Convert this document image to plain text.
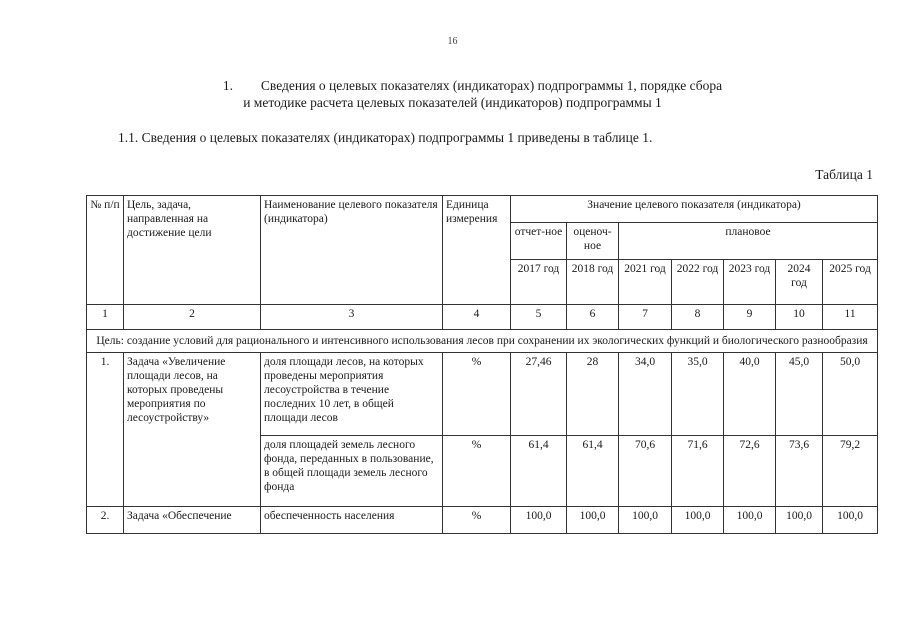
16
1. Сведения о целевых показателях (индикаторах) подпрограммы 1, порядке сбора
и методике расчета целевых показателей (индикаторов) подпрограммы 1
1.1. Сведения о целевых показателях (индикаторах) подпрограммы 1 приведены в таблице 1.
Таблица 1
№ п/п	Цель, задача, направленная на достижение цели	Наименование целевого показателя (индикатора)	Единица измерения	Значение целевого показателя (индикатора)						
				отчет-ное	оценоч-ное	плановое				
				2017 год	2018 год	2021 год	2022 год	2023 год	2024 год	2025 год
1	2	3	4	5	6	7	8	9	10	11
Цель: создание условий для рационального и интенсивного использования лесов при сохранении их экологических функций и биологического разнообразия										
1.	Задача «Увеличение площади лесов, на которых проведены мероприятия по лесоустройству»	доля площади лесов, на которых проведены мероприятия лесоустройства в течение последних 10 лет, в общей площади лесов	%	27,46	28	34,0	35,0	40,0	45,0	50,0
		доля площадей земель лесного фонда, переданных в пользование, в общей площади земель лесного фонда	%	61,4	61,4	70,6	71,6	72,6	73,6	79,2
2.	Задача «Обеспечение	обеспеченность населения	%	100,0	100,0	100,0	100,0	100,0	100,0	100,0
